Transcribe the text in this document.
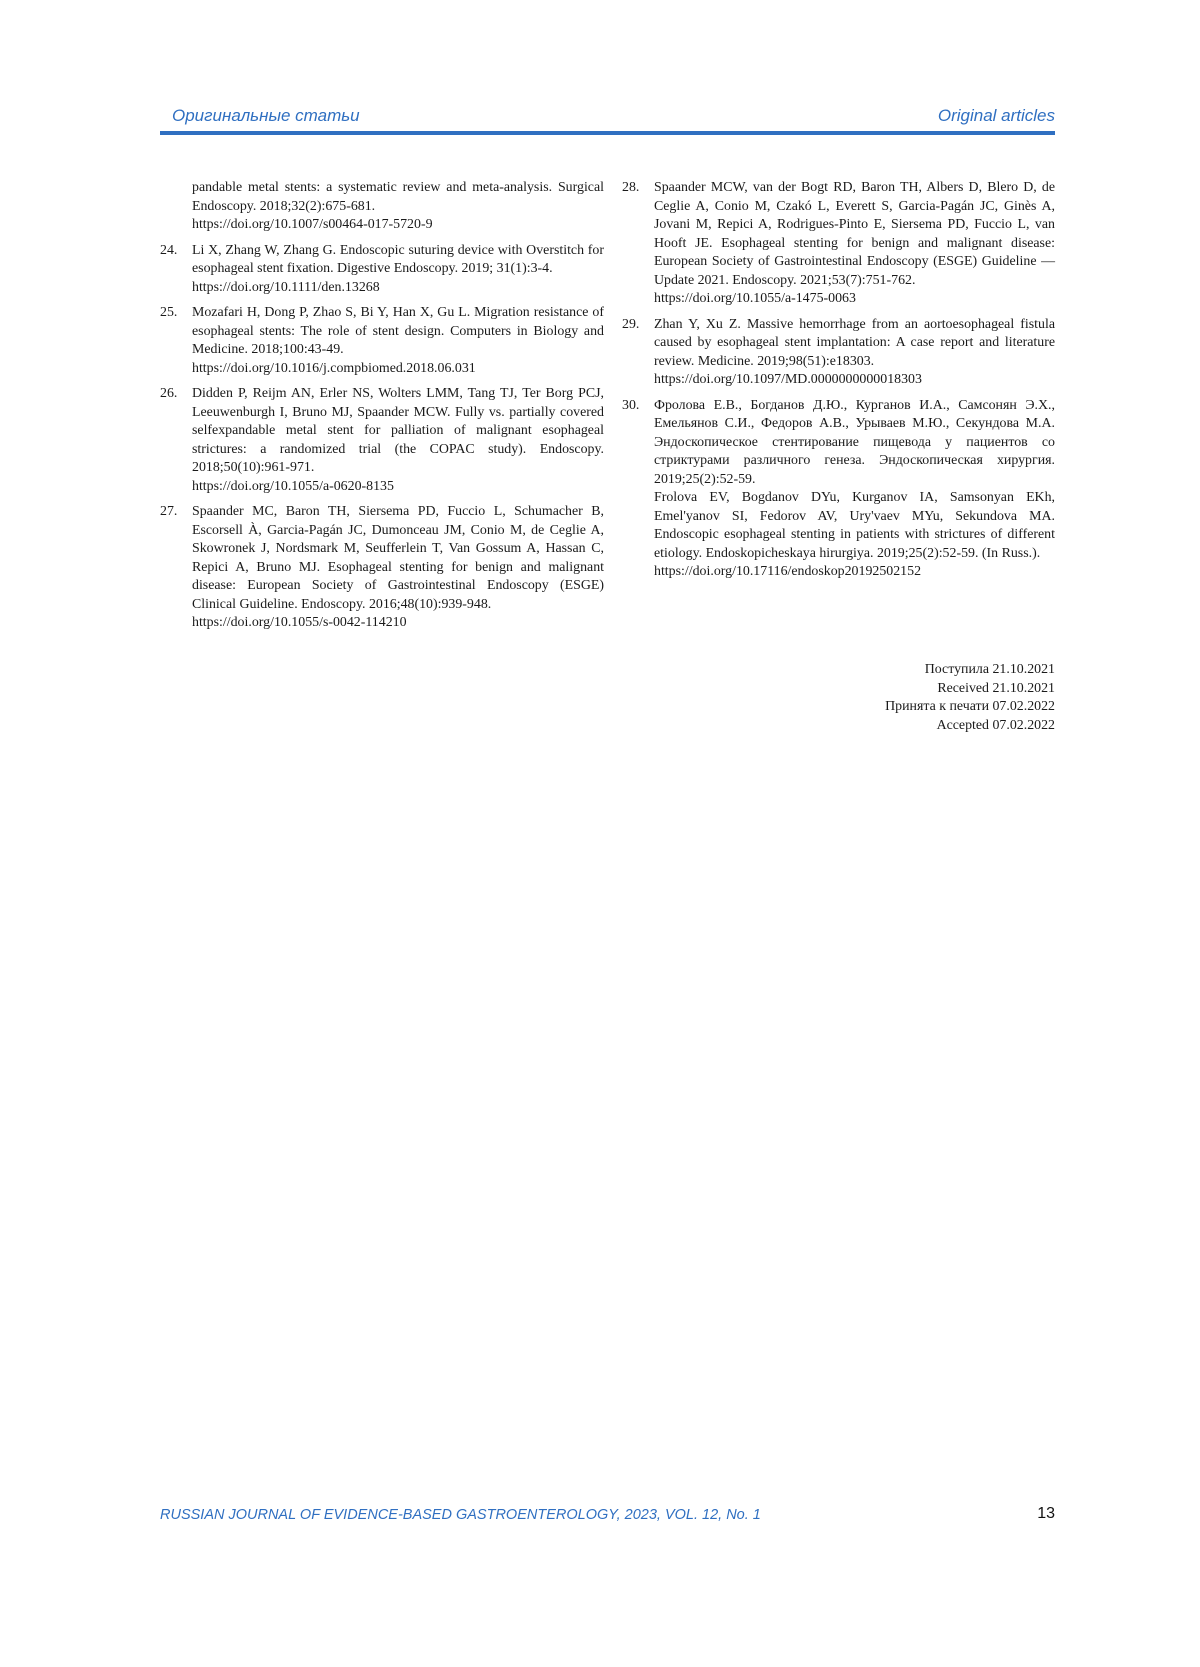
Оригинальные статьи	Original articles
pandable metal stents: a systematic review and meta-analysis. Surgical Endoscopy. 2018;32(2):675-681.
https://doi.org/10.1007/s00464-017-5720-9
24. Li X, Zhang W, Zhang G. Endoscopic suturing device with Overstitch for esophageal stent fixation. Digestive Endoscopy. 2019; 31(1):3-4.
https://doi.org/10.1111/den.13268
25. Mozafari H, Dong P, Zhao S, Bi Y, Han X, Gu L. Migration resistance of esophageal stents: The role of stent design. Computers in Biology and Medicine. 2018;100:43-49.
https://doi.org/10.1016/j.compbiomed.2018.06.031
26. Didden P, Reijm AN, Erler NS, Wolters LMM, Tang TJ, Ter Borg PCJ, Leeuwenburgh I, Bruno MJ, Spaander MCW. Fully vs. partially covered selfexpandable metal stent for palliation of malignant esophageal strictures: a randomized trial (the COPAC study). Endoscopy. 2018;50(10):961-971.
https://doi.org/10.1055/a-0620-8135
27. Spaander MC, Baron TH, Siersema PD, Fuccio L, Schumacher B, Escorsell À, Garcia-Pagán JC, Dumonceau JM, Conio M, de Ceglie A, Skowronek J, Nordsmark M, Seufferlein T, Van Gossum A, Hassan C, Repici A, Bruno MJ. Esophageal stenting for benign and malignant disease: European Society of Gastrointestinal Endoscopy (ESGE) Clinical Guideline. Endoscopy. 2016;48(10):939-948.
https://doi.org/10.1055/s-0042-114210
28. Spaander MCW, van der Bogt RD, Baron TH, Albers D, Blero D, de Ceglie A, Conio M, Czakó L, Everett S, Garcia-Pagán JC, Ginès A, Jovani M, Repici A, Rodrigues-Pinto E, Siersema PD, Fuccio L, van Hooft JE. Esophageal stenting for benign and malignant disease: European Society of Gastrointestinal Endoscopy (ESGE) Guideline — Update 2021. Endoscopy. 2021;53(7):751-762.
https://doi.org/10.1055/a-1475-0063
29. Zhan Y, Xu Z. Massive hemorrhage from an aortoesophageal fistula caused by esophageal stent implantation: A case report and literature review. Medicine. 2019;98(51):e18303.
https://doi.org/10.1097/MD.0000000000018303
30. Фролова Е.В., Богданов Д.Ю., Курганов И.А., Самсонян Э.Х., Емельянов С.И., Федоров А.В., Урываев М.Ю., Секундова М.А. Эндоскопическое стентирование пищевода у пациентов со стриктурами различного генеза. Эндоскопическая хирургия. 2019;25(2):52-59.
Frolova EV, Bogdanov DYu, Kurganov IA, Samsonyan EKh, Emel'yanov SI, Fedorov AV, Ury'vaev MYu, Sekundova MA. Endoscopic esophageal stenting in patients with strictures of different etiology. Endoskopicheskaya hirurgiya. 2019;25(2):52-59. (In Russ.).
https://doi.org/10.17116/endoskop20192502152
Поступила 21.10.2021
Received 21.10.2021
Принята к печати 07.02.2022
Accepted 07.02.2022
RUSSIAN JOURNAL OF EVIDENCE-BASED GASTROENTEROLOGY, 2023, VOL. 12, No. 1	13
